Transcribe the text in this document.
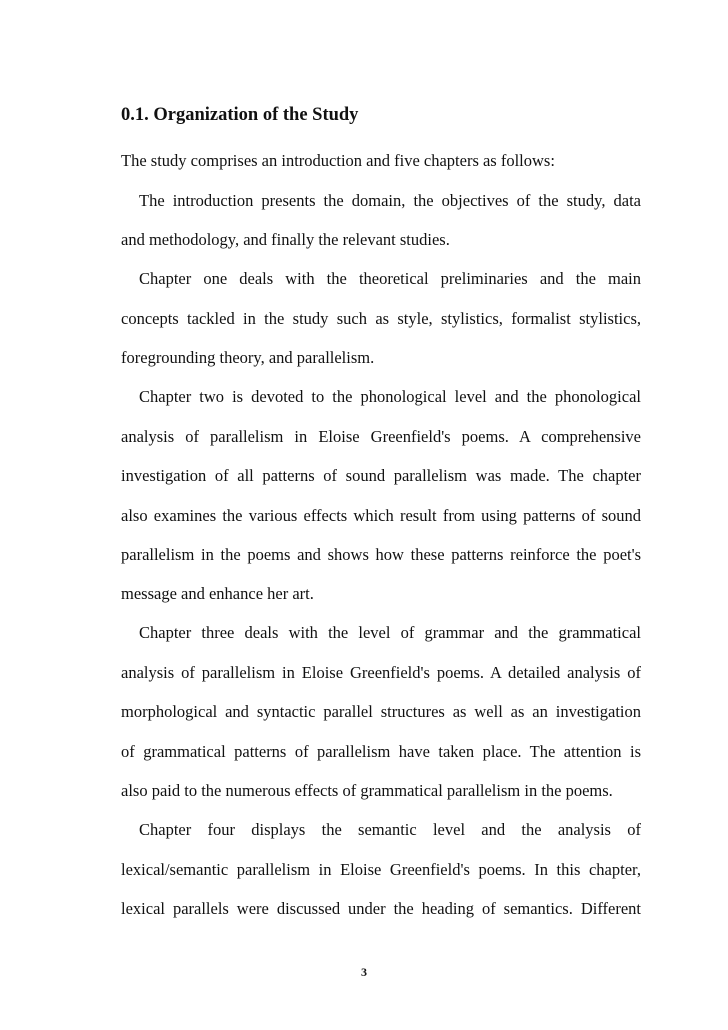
0.1. Organization of the Study
The study comprises an introduction and five chapters as follows:
The introduction presents the domain, the objectives of the study, data
and methodology, and finally the relevant studies.
Chapter one deals with the theoretical preliminaries and the main
concepts tackled in the study such as style, stylistics, formalist stylistics,
foregrounding theory, and parallelism.
Chapter two is devoted to the phonological level and the phonological
analysis of parallelism in Eloise Greenfield's poems. A comprehensive
investigation of all patterns of sound parallelism was made. The chapter
also examines the various effects which result from using patterns of sound
parallelism in the poems and shows how these patterns reinforce the poet's
message and enhance her art.
Chapter three deals with the level of grammar and the grammatical
analysis of parallelism in Eloise Greenfield's poems. A detailed analysis of
morphological and syntactic parallel structures as well as an investigation
of grammatical patterns of parallelism have taken place. The attention is
also paid to the numerous effects of grammatical parallelism in the poems.
Chapter four displays the semantic level and the analysis of
lexical/semantic parallelism in Eloise Greenfield's poems. In this chapter,
lexical parallels were discussed under the heading of semantics. Different
3
